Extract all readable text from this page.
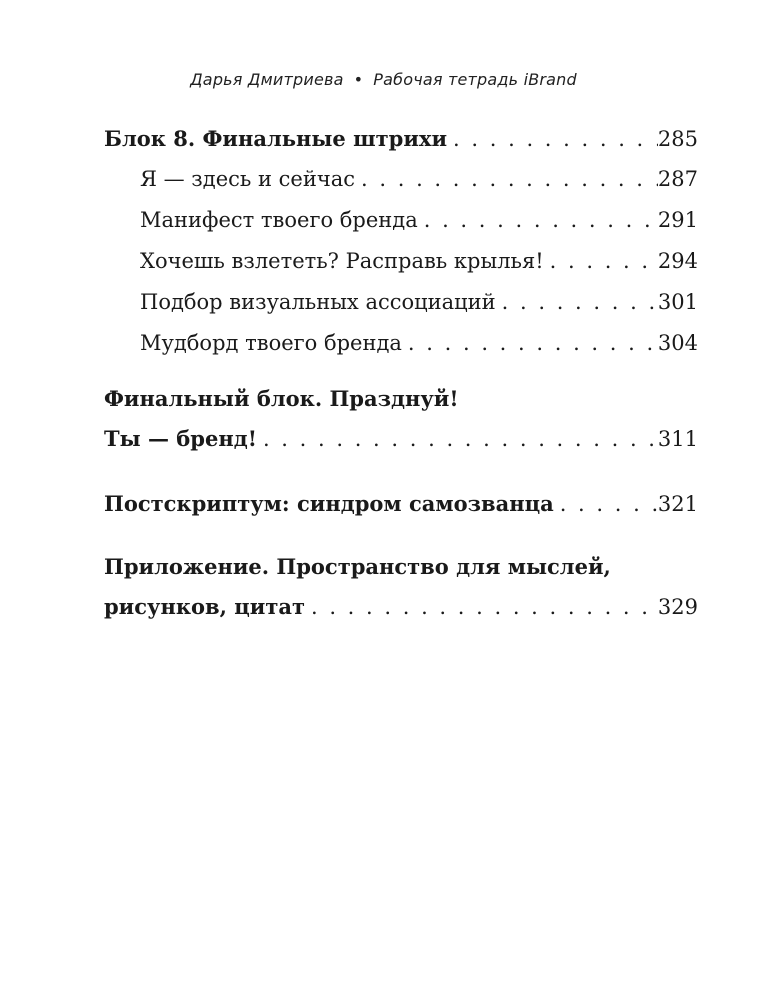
Дарья Дмитриева • Рабочая тетрадь iBrand
Блок 8. Финальные штрихи . . .	285
Я — здесь и сейчас . . .	287
Манифест твоего бренда . . .	291
Хочешь взлететь? Расправь крылья! . . .	294
Подбор визуальных ассоциаций . . .	301
Мудборд твоего бренда . . .	304
Финальный блок. Празднуй!
Ты — бренд! . . .	311
Постскриптум: синдром самозванца . . .	321
Приложение. Пространство для мыслей,
рисунков, цитат . . .	329
